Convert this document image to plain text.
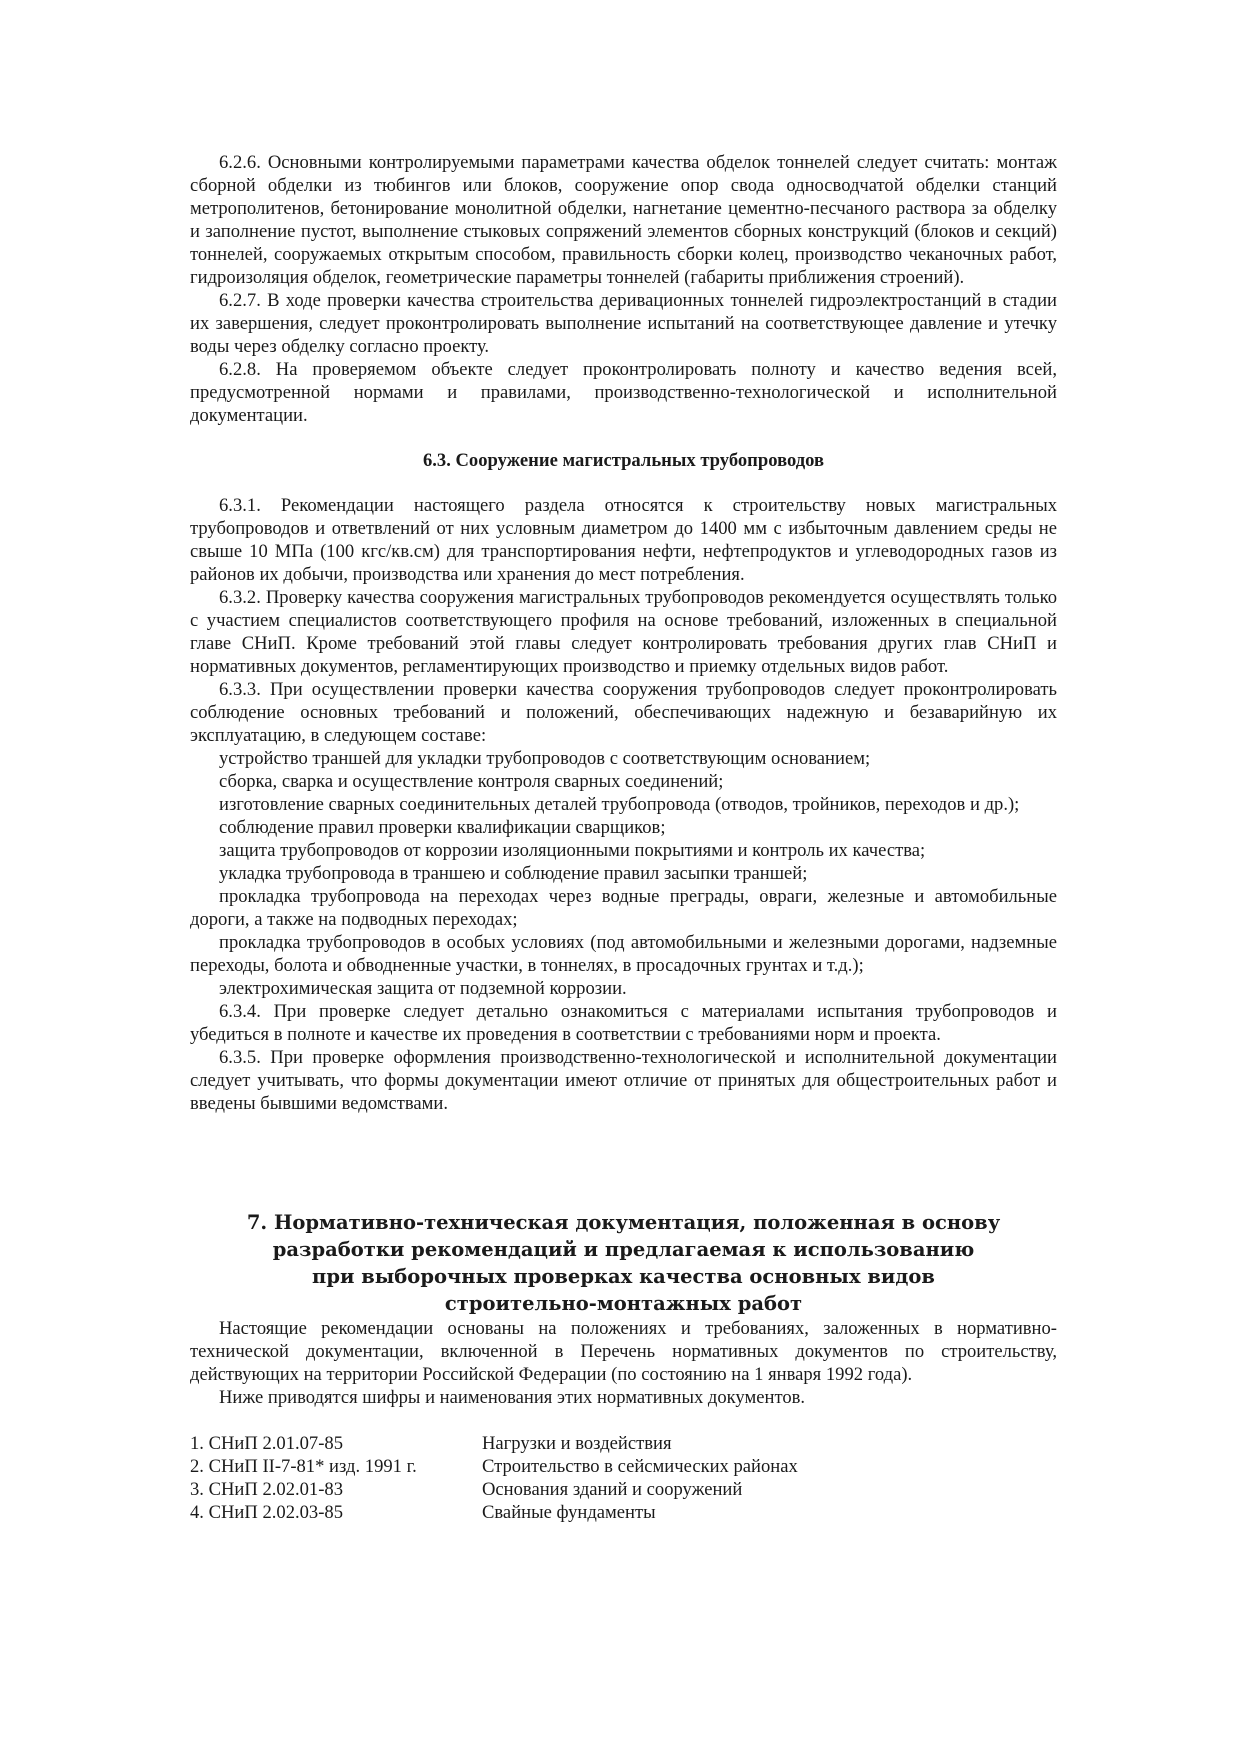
6.2.6. Основными контролируемыми параметрами качества обделок тоннелей следует считать: монтаж сборной обделки из тюбингов или блоков, сооружение опор свода односводчатой обделки станций метрополитенов, бетонирование монолитной обделки, нагнетание цементно-песчаного раствора за обделку и заполнение пустот, выполнение стыковых сопряжений элементов сборных конструкций (блоков и секций) тоннелей, сооружаемых открытым способом, правильность сборки колец, производство чеканочных работ, гидроизоляция обделок, геометрические параметры тоннелей (габариты приближения строений).

6.2.7. В ходе проверки качества строительства деривационных тоннелей гидроэлектростанций в стадии их завершения, следует проконтролировать выполнение испытаний на соответствующее давление и утечку воды через обделку согласно проекту.

6.2.8. На проверяемом объекте следует проконтролировать полноту и качество ведения всей, предусмотренной нормами и правилами, производственно-технологической и исполнительной документации.

6.3. Сооружение магистральных трубопроводов

6.3.1. Рекомендации настоящего раздела относятся к строительству новых магистральных трубопроводов и ответвлений от них условным диаметром до 1400 мм с избыточным давлением среды не свыше 10 МПа (100 кгс/кв.см) для транспортирования нефти, нефтепродуктов и углеводородных газов из районов их добычи, производства или хранения до мест потребления.

6.3.2. Проверку качества сооружения магистральных трубопроводов рекомендуется осуществлять только с участием специалистов соответствующего профиля на основе требований, изложенных в специальной главе СНиП. Кроме требований этой главы следует контролировать требования других глав СНиП и нормативных документов, регламентирующих производство и приемку отдельных видов работ.

6.3.3. При осуществлении проверки качества сооружения трубопроводов следует проконтролировать соблюдение основных требований и положений, обеспечивающих надежную и безаварийную их эксплуатацию, в следующем составе:

устройство траншей для укладки трубопроводов с соответствующим основанием;

сборка, сварка и осуществление контроля сварных соединений;

изготовление сварных соединительных деталей трубопровода (отводов, тройников, переходов и др.);

соблюдение правил проверки квалификации сварщиков;

защита трубопроводов от коррозии изоляционными покрытиями и контроль их качества;

укладка трубопровода в траншею и соблюдение правил засыпки траншей;

прокладка трубопровода на переходах через водные преграды, овраги, железные и автомобильные дороги, а также на подводных переходах;

прокладка трубопроводов в особых условиях (под автомобильными и железными дорогами, надземные переходы, болота и обводненные участки, в тоннелях, в просадочных грунтах и т.д.);

электрохимическая защита от подземной коррозии.

6.3.4. При проверке следует детально ознакомиться с материалами испытания трубопроводов и убедиться в полноте и качестве их проведения в соответствии с требованиями норм и проекта.

6.3.5. При проверке оформления производственно-технологической и исполнительной документации следует учитывать, что формы документации имеют отличие от принятых для общестроительных работ и введены бывшими ведомствами.

7. Нормативно-техническая документация, положенная в основу
разработки рекомендаций и предлагаемая к использованию
при выборочных проверках качества основных видов
строительно-монтажных работ

Настоящие рекомендации основаны на положениях и требованиях, заложенных в нормативно-технической документации, включенной в Перечень нормативных документов по строительству, действующих на территории Российской Федерации (по состоянию на 1 января 1992 года).

Ниже приводятся шифры и наименования этих нормативных документов.

1. СНиП 2.01.07-85	Нагрузки и воздействия
2. СНиП II-7-81* изд. 1991 г.	Строительство в сейсмических районах
3. СНиП 2.02.01-83	Основания зданий и сооружений
4. СНиП 2.02.03-85	Свайные фундаменты
